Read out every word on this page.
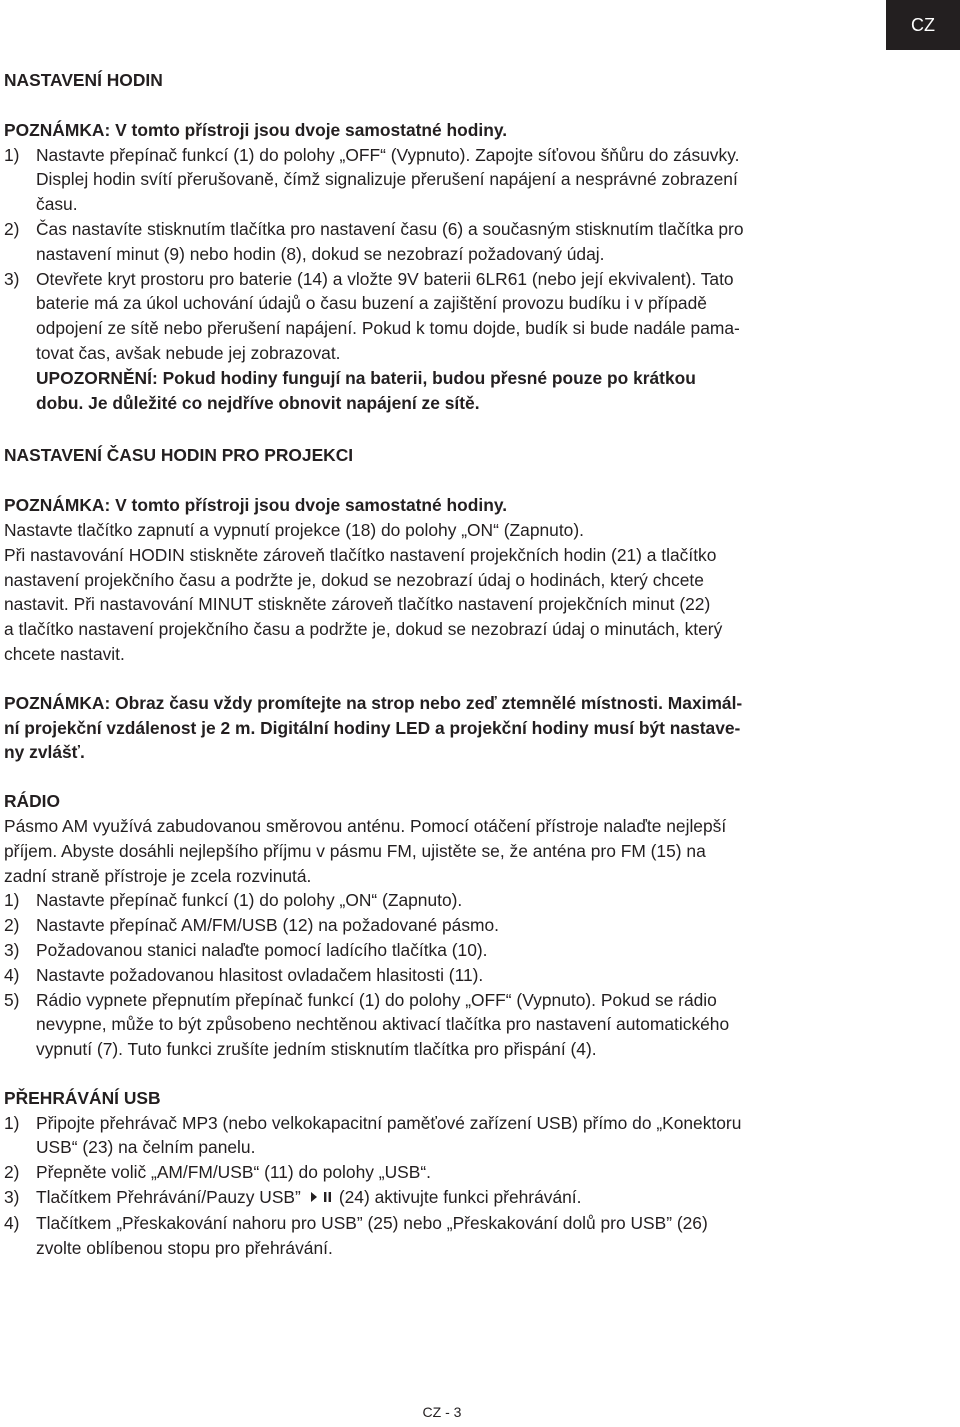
CZ

NASTAVENÍ HODIN

POZNÁMKA: V tomto přístroji jsou dvoje samostatné hodiny.

1) Nastavte přepínač funkcí (1) do polohy „OFF“ (Vypnuto). Zapojte síťovou šňůru do zásuvky.
Displej hodin svítí přerušovaně, čímž signalizuje přerušení napájení a nesprávné zobrazení
času.
2) Čas nastavíte stisknutím tlačítka pro nastavení času (6) a současným stisknutím tlačítka pro
nastavení minut (9) nebo hodin (8), dokud se nezobrazí požadovaný údaj.
3) Otevřete kryt prostoru pro baterie (14) a vložte 9V baterii 6LR61 (nebo její ekvivalent). Tato
baterie má za úkol uchování údajů o času buzení a zajištění provozu budíku i v případě
odpojení ze sítě nebo přerušení napájení. Pokud k tomu dojde, budík si bude nadále pama-
tovat čas, avšak nebude jej zobrazovat.
UPOZORNĚNÍ: Pokud hodiny fungují na baterii, budou přesné pouze po krátkou
dobu. Je důležité co nejdříve obnovit napájení ze sítě.

NASTAVENÍ ČASU HODIN PRO PROJEKCI

POZNÁMKA: V tomto přístroji jsou dvoje samostatné hodiny.

Nastavte tlačítko zapnutí a vypnutí projekce (18) do polohy „ON“ (Zapnuto).

Při nastavování HODIN stiskněte zároveň tlačítko nastavení projekčních hodin (21) a tlačítko

nastavení projekčního času a podržte je, dokud se nezobrazí údaj o hodinách, který chcete

nastavit. Při nastavování MINUT stiskněte zároveň tlačítko nastavení projekčních minut (22)

a tlačítko nastavení projekčního času a podržte je, dokud se nezobrazí údaj o minutách, který

chcete nastavit.

POZNÁMKA: Obraz času vždy promítejte na strop nebo zeď ztemnělé místnosti. Maximál-

ní projekční vzdálenost je 2 m. Digitální hodiny LED a projekční hodiny musí být nastave-

ny zvlášť.

RÁDIO

Pásmo AM využívá zabudovanou směrovou anténu. Pomocí otáčení přístroje nalaďte nejlepší

příjem. Abyste dosáhli nejlepšího příjmu v pásmu FM, ujistěte se, že anténa pro FM (15) na

zadní straně přístroje je zcela rozvinutá.

1) Nastavte přepínač funkcí (1) do polohy „ON“ (Zapnuto).
2) Nastavte přepínač AM/FM/USB (12) na požadované pásmo.
3) Požadovanou stanici nalaďte pomocí ladícího tlačítka (10).
4) Nastavte požadovanou hlasitost ovladačem hlasitosti (11).
5) Rádio vypnete přepnutím přepínač funkcí (1) do polohy „OFF“ (Vypnuto). Pokud se rádio
nevypne, může to být způsobeno nechtěnou aktivací tlačítka pro nastavení automatického
vypnutí (7). Tuto funkci zrušíte jedním stisknutím tlačítka pro přispání (4).

PŘEHRÁVÁNÍ USB

1) Připojte přehrávač MP3 (nebo velkokapacitní paměťové zařízení USB) přímo do „Konektoru
USB“ (23) na čelním panelu.
2) Přepněte volič „AM/FM/USB“ (11) do polohy „USB“.
3) Tlačítkem Přehrávání/Pauzy USB” (24) aktivujte funkci přehrávání.
4) Tlačítkem „Přeskakování nahoru pro USB” (25) nebo „Přeskakování dolů pro USB” (26)
zvolte oblíbenou stopu pro přehrávání.
CZ - 3
